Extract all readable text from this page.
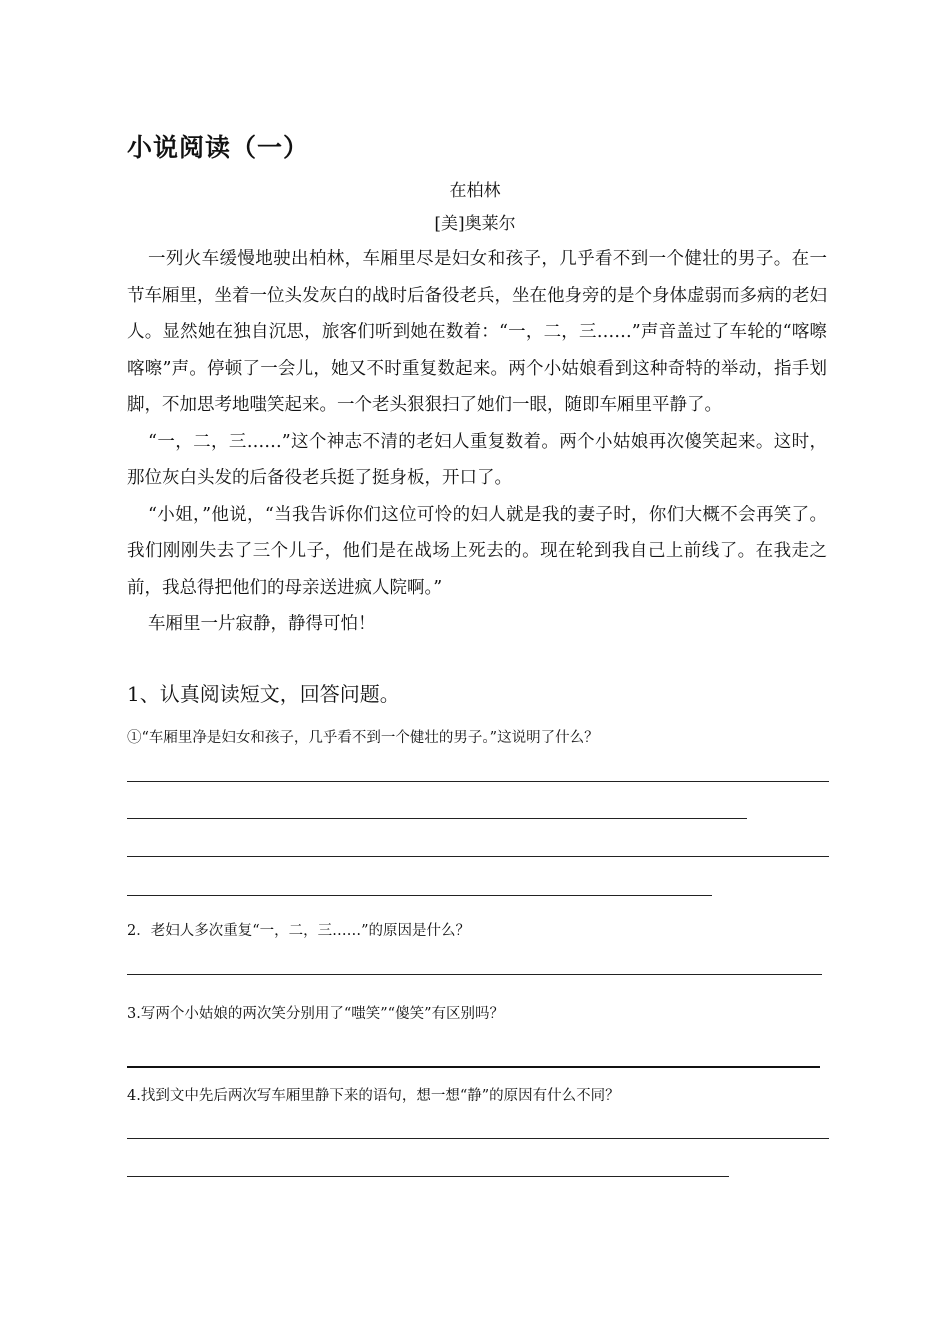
小说阅读（一）
在柏林
[美]奥莱尔

一列火车缓慢地驶出柏林，车厢里尽是妇女和孩子，几乎看不到一个健壮的男子。在一节车厢里，坐着一位头发灰白的战时后备役老兵，坐在他身旁的是个身体虚弱而多病的老妇人。显然她在独自沉思，旅客们听到她在数着：“一，二，三……”声音盖过了车轮的“喀嚓喀嚓”声。停顿了一会儿，她又不时重复数起来。两个小姑娘看到这种奇特的举动，指手划脚，不加思考地嗤笑起来。一个老头狠狠扫了她们一眼，随即车厢里平静了。

“一，二，三……”这个神志不清的老妇人重复数着。两个小姑娘再次傻笑起来。这时，那位灰白头发的后备役老兵挺了挺身板，开口了。

“小姐，”他说，“当我告诉你们这位可怜的妇人就是我的妻子时，你们大概不会再笑了。我们刚刚失去了三个儿子，他们是在战场上死去的。现在轮到我自己上前线了。在我走之前，我总得把他们的母亲送进疯人院啊。”

车厢里一片寂静，静得可怕！

1、认真阅读短文，回答问题。
①“车厢里净是妇女和孩子，几乎看不到一个健壮的男子。”这说明了什么？
2．老妇人多次重复“一，二，三……”的原因是什么？
3.写两个小姑娘的两次笑分别用了“嗤笑”“傻笑”有区别吗？
4.找到文中先后两次写车厢里静下来的语句，想一想“静”的原因有什么不同？
